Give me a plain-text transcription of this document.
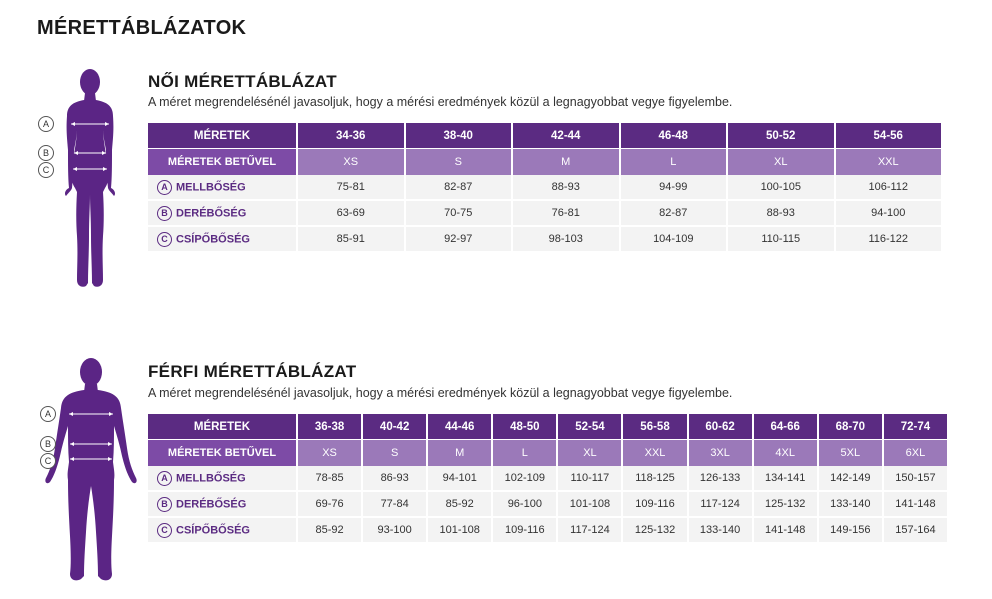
MÉRETTÁBLÁZATOK
A
B
C
NŐI MÉRETTÁBLÁZAT
A méret megrendelésénél javasoljuk, hogy a mérési eredmények közül a legnagyobbat vegye figyelembe.
MÉRETEK	34-36	38-40	42-44	46-48	50-52	54-56
MÉRETEK BETŰVEL	XS	S	M	L	XL	XXL
A MELLBŐSÉG	75-81	82-87	88-93	94-99	100-105	106-112
B DERÉBŐSÉG	63-69	70-75	76-81	82-87	88-93	94-100
C CSÍPŐBŐSÉG	85-91	92-97	98-103	104-109	110-115	116-122
A
B
C
FÉRFI MÉRETTÁBLÁZAT
A méret megrendelésénél javasoljuk, hogy a mérési eredmények közül a legnagyobbat vegye figyelembe.
MÉRETEK	36-38	40-42	44-46	48-50	52-54	56-58	60-62	64-66	68-70	72-74
MÉRETEK BETŰVEL	XS	S	M	L	XL	XXL	3XL	4XL	5XL	6XL
A MELLBŐSÉG	78-85	86-93	94-101	102-109	110-117	118-125	126-133	134-141	142-149	150-157
B DERÉBŐSÉG	69-76	77-84	85-92	96-100	101-108	109-116	117-124	125-132	133-140	141-148
C CSÍPŐBŐSÉG	85-92	93-100	101-108	109-116	117-124	125-132	133-140	141-148	149-156	157-164
